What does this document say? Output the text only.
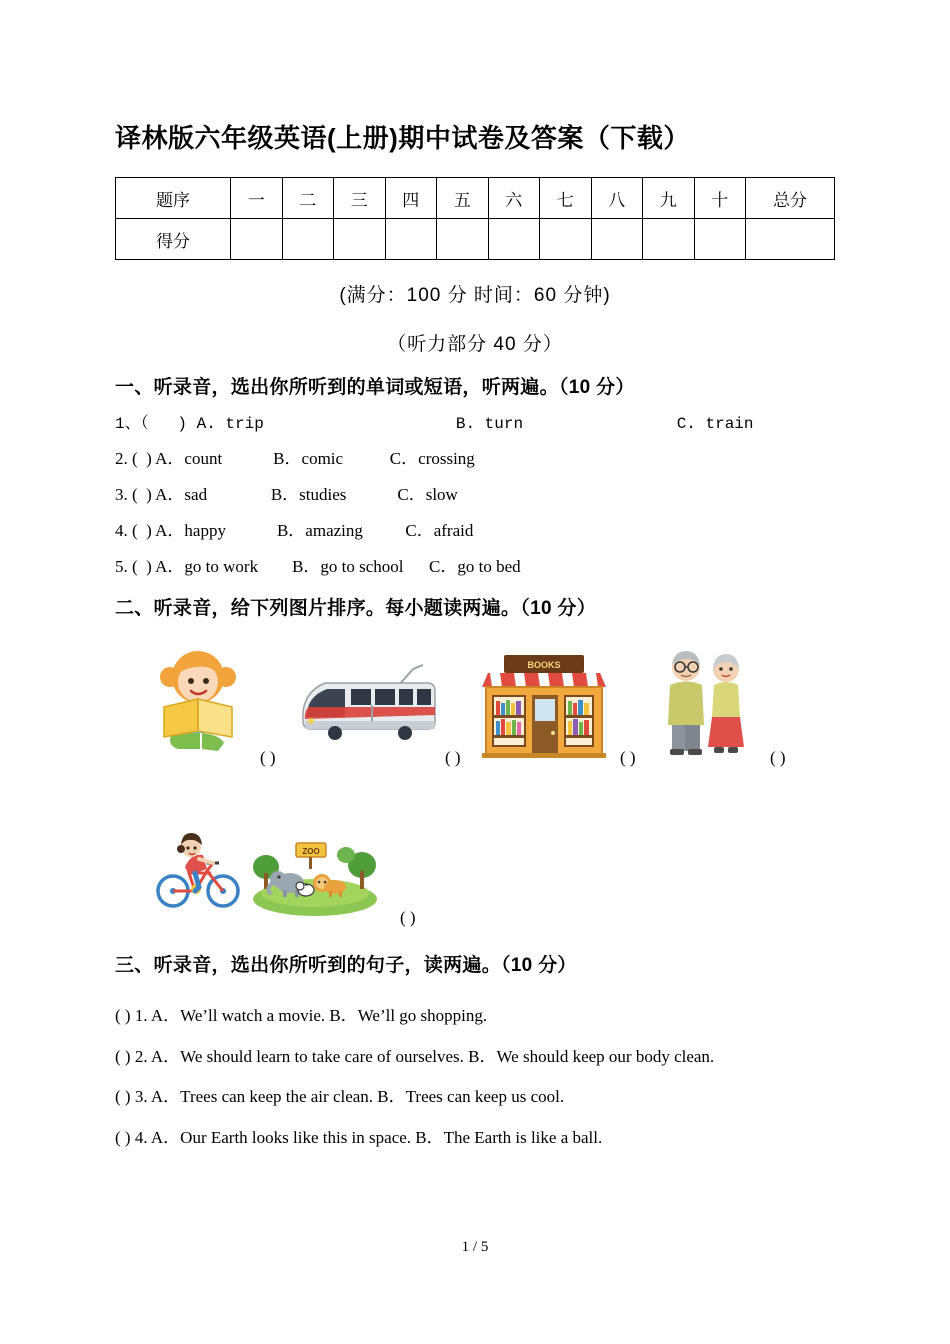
译林版六年级英语(上册)期中试卷及答案（下载）
题序	一	二	三	四	五	六	七	八	九	十	总分
得分											
(满分：100 分 时间：60 分钟)
（听力部分 40 分）
一、听录音，选出你所听到的单词或短语，听两遍。（10 分）
1、（   ) A. trip                    B. turn                C. train
2. (  ) A．count            B．comic           C．crossing
3. (  ) A．sad               B．studies            C．slow
4. (  ) A．happy            B．amazing          C．afraid
5. (  ) A．go to work        B．go to school      C．go to bed
二、听录音，给下列图片排序。每小题读两遍。（10 分）
( )	( )
BOOKS
( )	( )
ZOO
( )
三、听录音，选出你所听到的句子，读两遍。（10 分）
( ) 1. A．We’ll watch a movie. B．We’ll go shopping.
( ) 2. A．We should learn to take care of ourselves. B．We should keep our body clean.
( ) 3. A．Trees can keep the air clean. B．Trees can keep us cool.
( ) 4. A．Our Earth looks like this in space. B．The Earth is like a ball.
1 / 5
